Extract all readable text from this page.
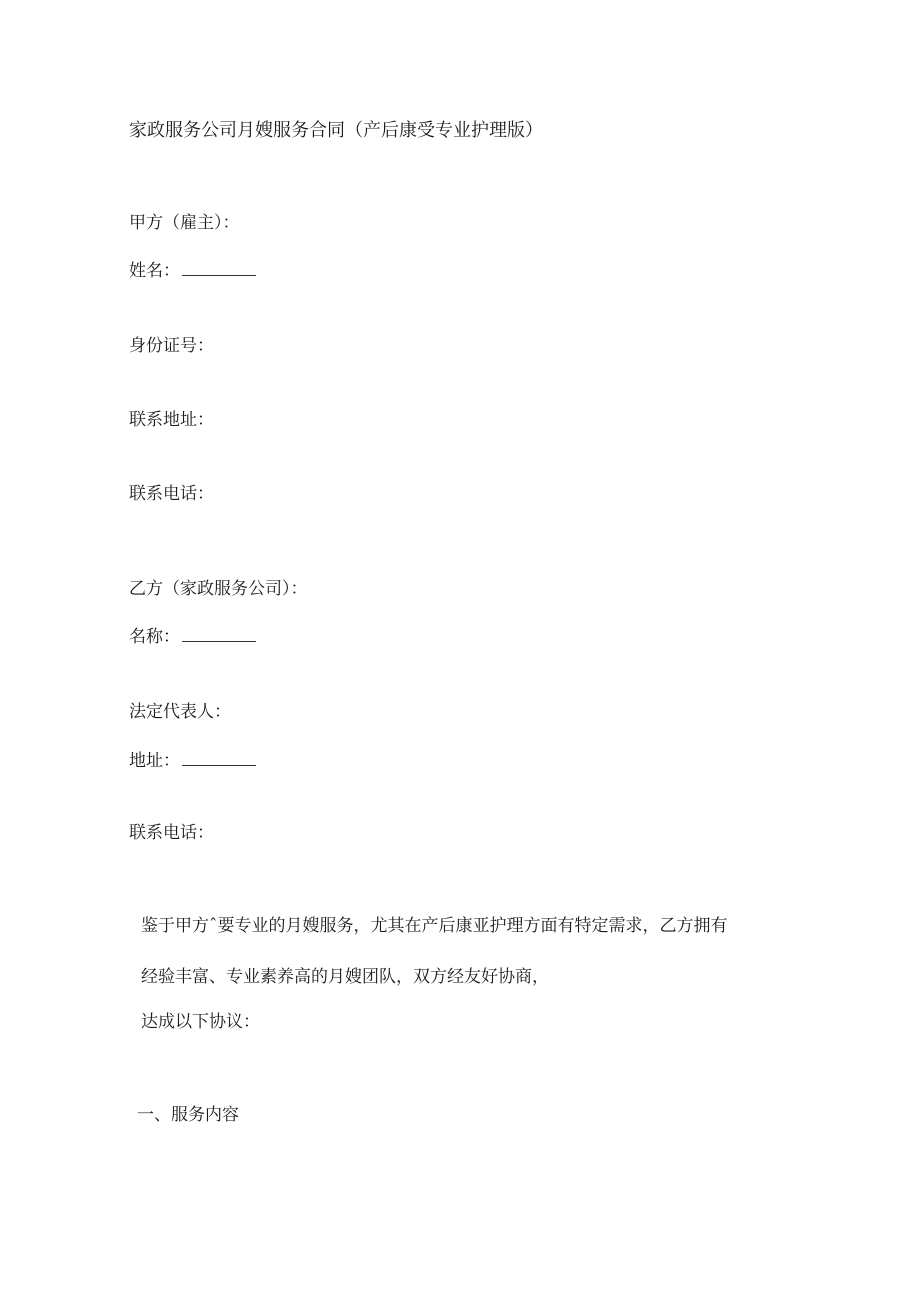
家政服务公司月嫂服务合同（产后康受专业护理版）
甲方（雇主）：
姓名：
身份证号：
联系地址：
联系电话：
乙方（家政服务公司）：
名称：
法定代表人：
地址：
联系电话：
鉴于甲方ˆ要专业的月嫂服务，尤其在产后康亚护理方面有特定需求，乙方拥有
经验丰富、专业素养高的月嫂团队，双方经友好协商，
达成以下协议：
一、服务内容
